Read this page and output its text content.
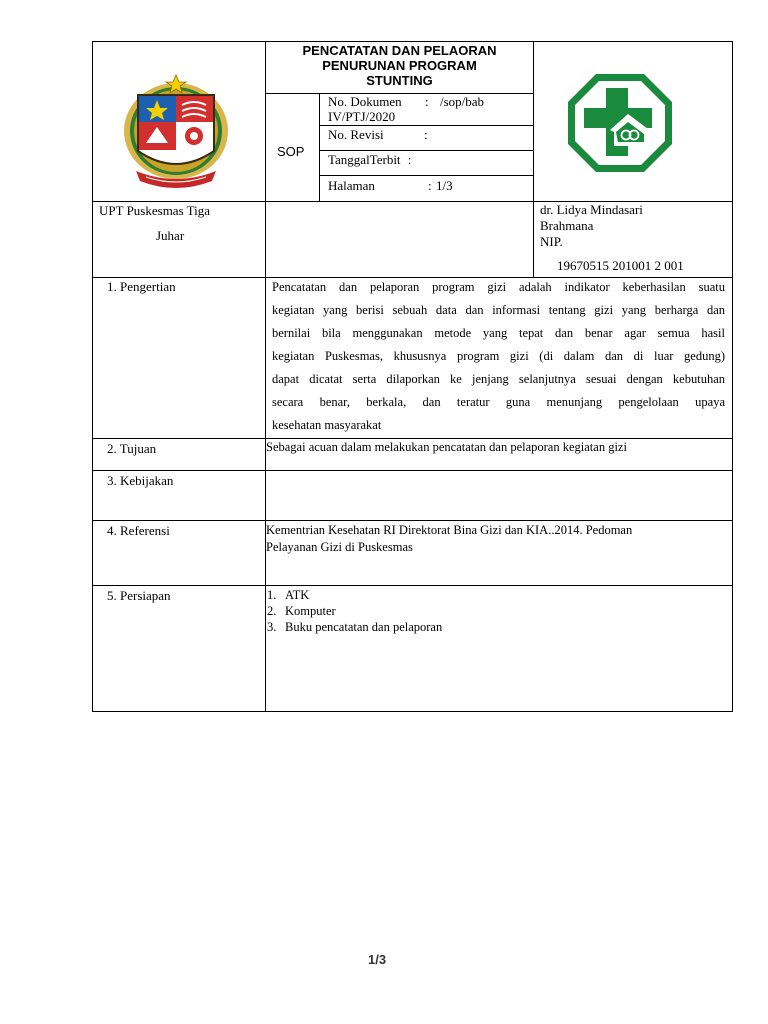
PENCATATAN DAN PELAORAN
PENURUNAN PROGRAM
STUNTING
SOP
No. Dokumen : /sop/bab
IV/PTJ/2020
No. Revisi	:
TanggalTerbit :
Halaman	: 1/3
UPT Puskesmas Tiga
Juhar
dr. Lidya Mindasari
Brahmana
NIP.
19670515 201001 2 001
1. Pengertian	Pencatatan dan pelaporan program gizi adalah indikator keberhasilan suatu
kegiatan yang berisi sebuah data dan informasi tentang gizi yang berharga dan
bernilai bila menggunakan metode yang tepat dan benar agar semua hasil
kegiatan Puskesmas, khususnya program gizi (di dalam dan di luar gedung)
dapat dicatat serta dilaporkan ke jenjang selanjutnya sesuai dengan kebutuhan
secara benar, berkala, dan teratur guna menunjang pengelolaan upaya
kesehatan masyarakat
2. Tujuan	Sebagai acuan dalam melakukan pencatatan dan pelaporan kegiatan gizi
3. Kebijakan
4. Referensi	Kementrian Kesehatan RI Direktorat Bina Gizi dan KIA..2014. Pedoman
Pelayanan Gizi di Puskesmas
5. Persiapan	1. ATK
2. Komputer
3. Buku pencatatan dan pelaporan
1/3
